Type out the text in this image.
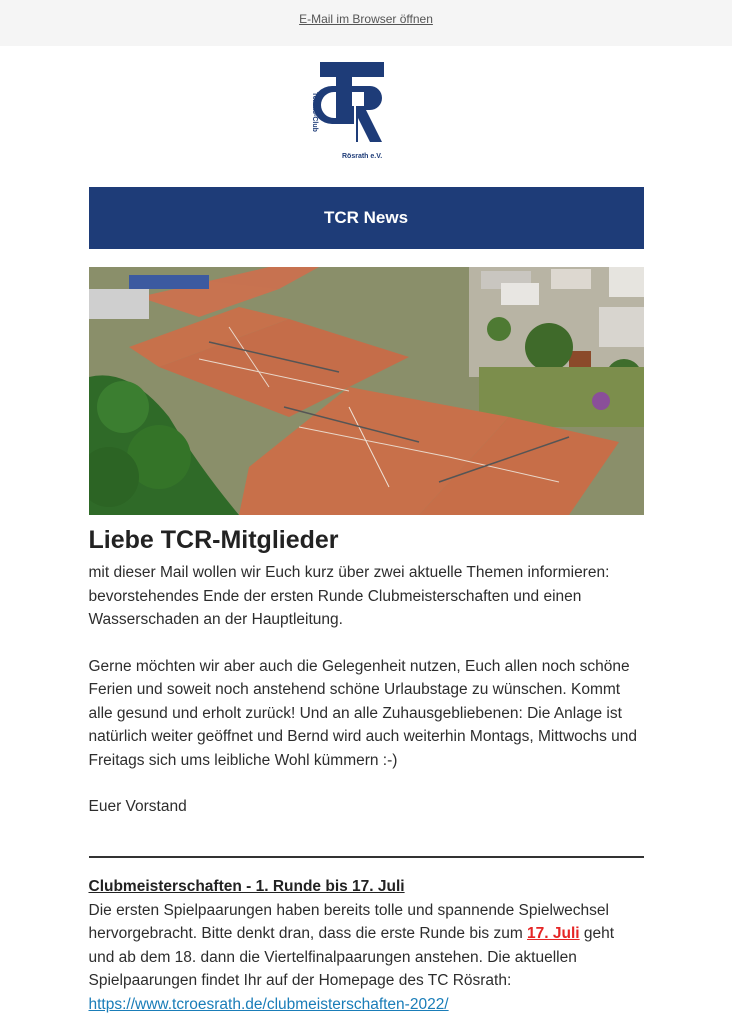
E-Mail im Browser öffnen
Tennis-Club
Rösrath e.V.
TCR News
Liebe TCR-Mitglieder

mit dieser Mail wollen wir Euch kurz über zwei aktuelle Themen informieren: bevorstehendes Ende der ersten Runde Clubmeisterschaften und einen Wasserschaden an der Hauptleitung.

Gerne möchten wir aber auch die Gelegenheit nutzen, Euch allen noch schöne Ferien und soweit noch anstehend schöne Urlaubstage zu wünschen. Kommt alle gesund und erholt zurück! Und an alle Zuhausgebliebenen: Die Anlage ist natürlich weiter geöffnet und Bernd wird auch weiterhin Montags, Mittwochs und Freitags sich ums leibliche Wohl kümmern :-)

Euer Vorstand

Clubmeisterschaften - 1. Runde bis 17. Juli

Die ersten Spielpaarungen haben bereits tolle und spannende Spielwechsel hervorgebracht. Bitte denkt dran, dass die erste Runde bis zum 17. Juli geht und ab dem 18. dann die Viertelfinalpaarungen anstehen. Die aktuellen Spielpaarungen findet Ihr auf der Homepage des TC Rösrath: https://www.tcroesrath.de/clubmeisterschaften-2022/
